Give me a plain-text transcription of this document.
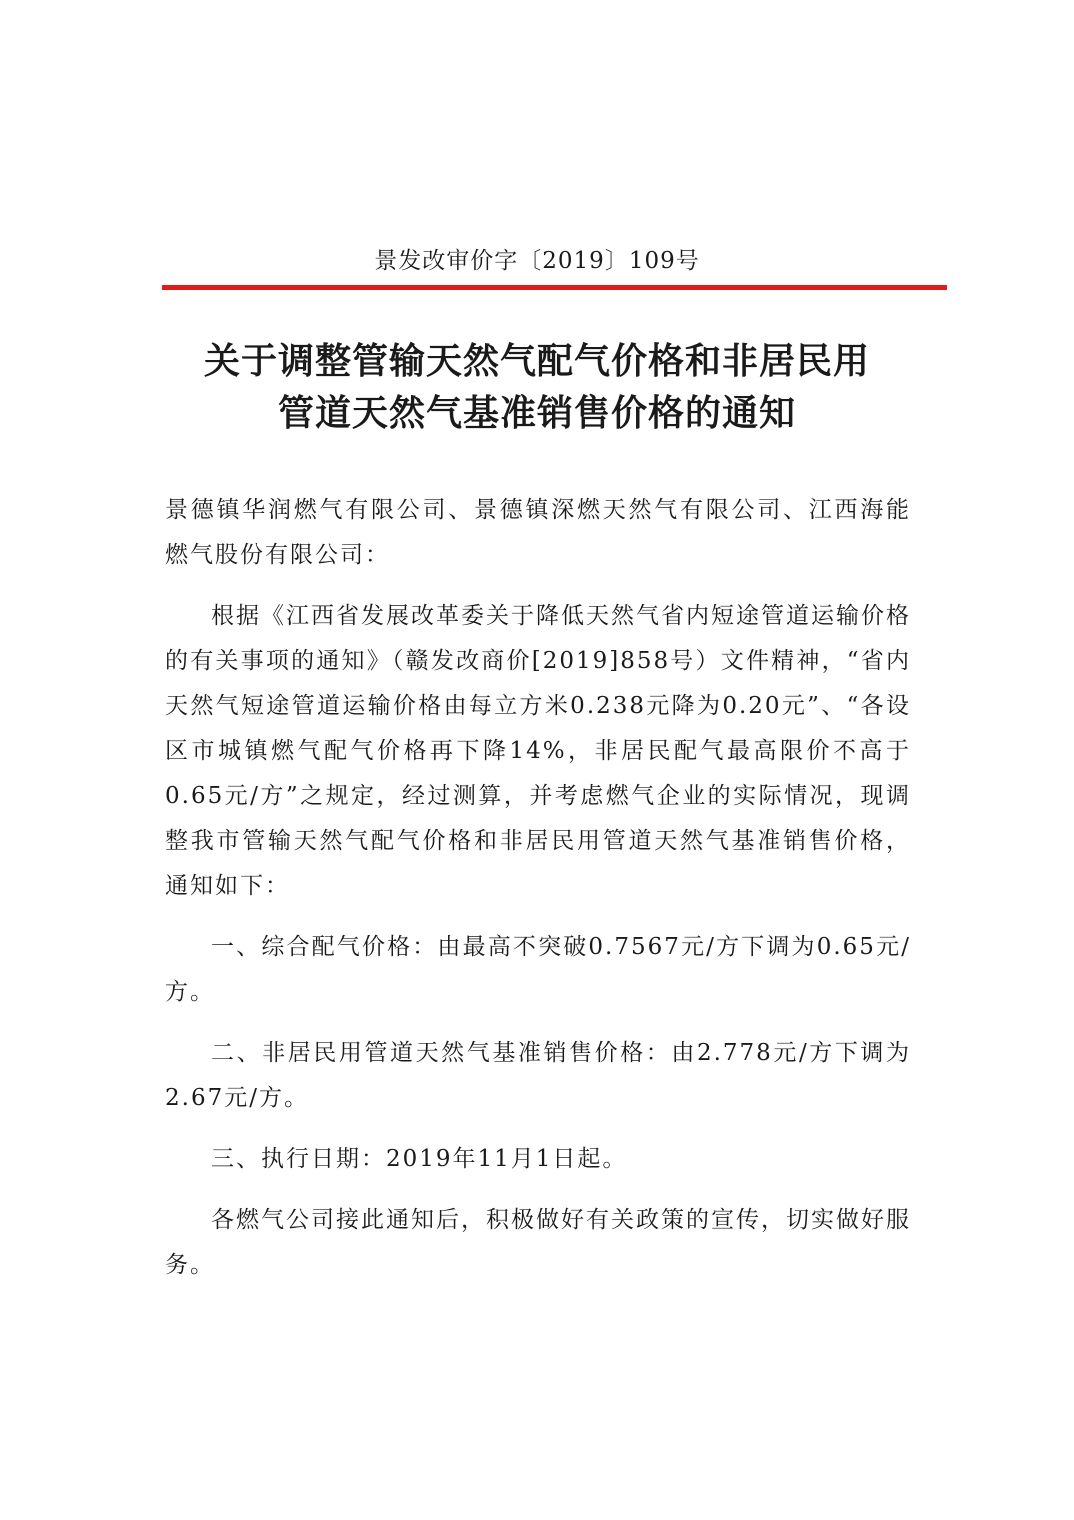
景发改审价字〔2019〕109号
关于调整管输天然气配气价格和非居民用
管道天然气基准销售价格的通知

景德镇华润燃气有限公司、景德镇深燃天然气有限公司、江西海能燃气股份有限公司：

根据《江西省发展改革委关于降低天然气省内短途管道运输价格的有关事项的通知》（赣发改商价[2019]858号）文件精神，“省内天然气短途管道运输价格由每立方米0.238元降为0.20元”、“各设区市城镇燃气配气价格再下降14%，非居民配气最高限价不高于0.65元/方”之规定，经过测算，并考虑燃气企业的实际情况，现调整我市管输天然气配气价格和非居民用管道天然气基准销售价格，通知如下：

一、综合配气价格：由最高不突破0.7567元/方下调为0.65元/方。

二、非居民用管道天然气基准销售价格：由2.778元/方下调为2.67元/方。

三、执行日期：2019年11月1日起。

各燃气公司接此通知后，积极做好有关政策的宣传，切实做好服务。
